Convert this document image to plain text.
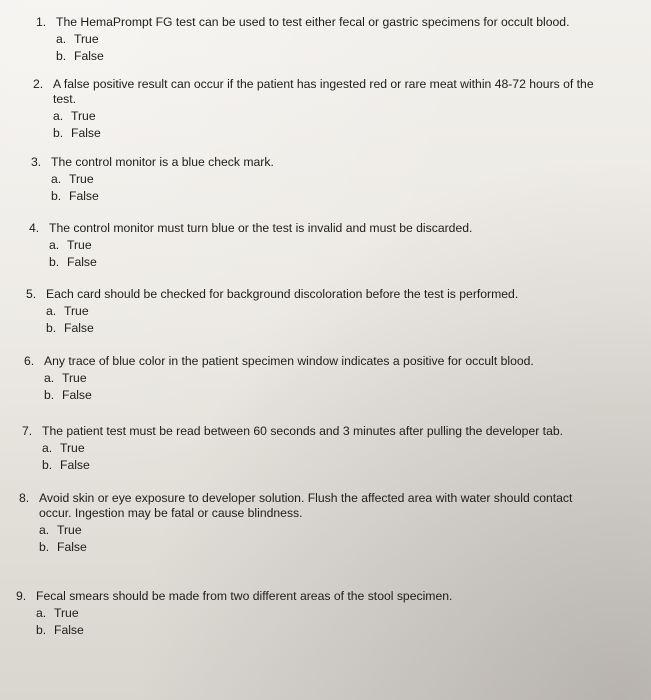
1. The HemaPrompt FG test can be used to test either fecal or gastric specimens for occult blood.
a. True
b. False
2. A false positive result can occur if the patient has ingested red or rare meat within 48-72 hours of the
test.
a. True
b. False
3. The control monitor is a blue check mark.
a. True
b. False
4. The control monitor must turn blue or the test is invalid and must be discarded.
a. True
b. False
5. Each card should be checked for background discoloration before the test is performed.
a. True
b. False
6. Any trace of blue color in the patient specimen window indicates a positive for occult blood.
a. True
b. False
7. The patient test must be read between 60 seconds and 3 minutes after pulling the developer tab.
a. True
b. False
8. Avoid skin or eye exposure to developer solution. Flush the affected area with water should contact
occur. Ingestion may be fatal or cause blindness.
a. True
b. False
9. Fecal smears should be made from two different areas of the stool specimen.
a. True
b. False
